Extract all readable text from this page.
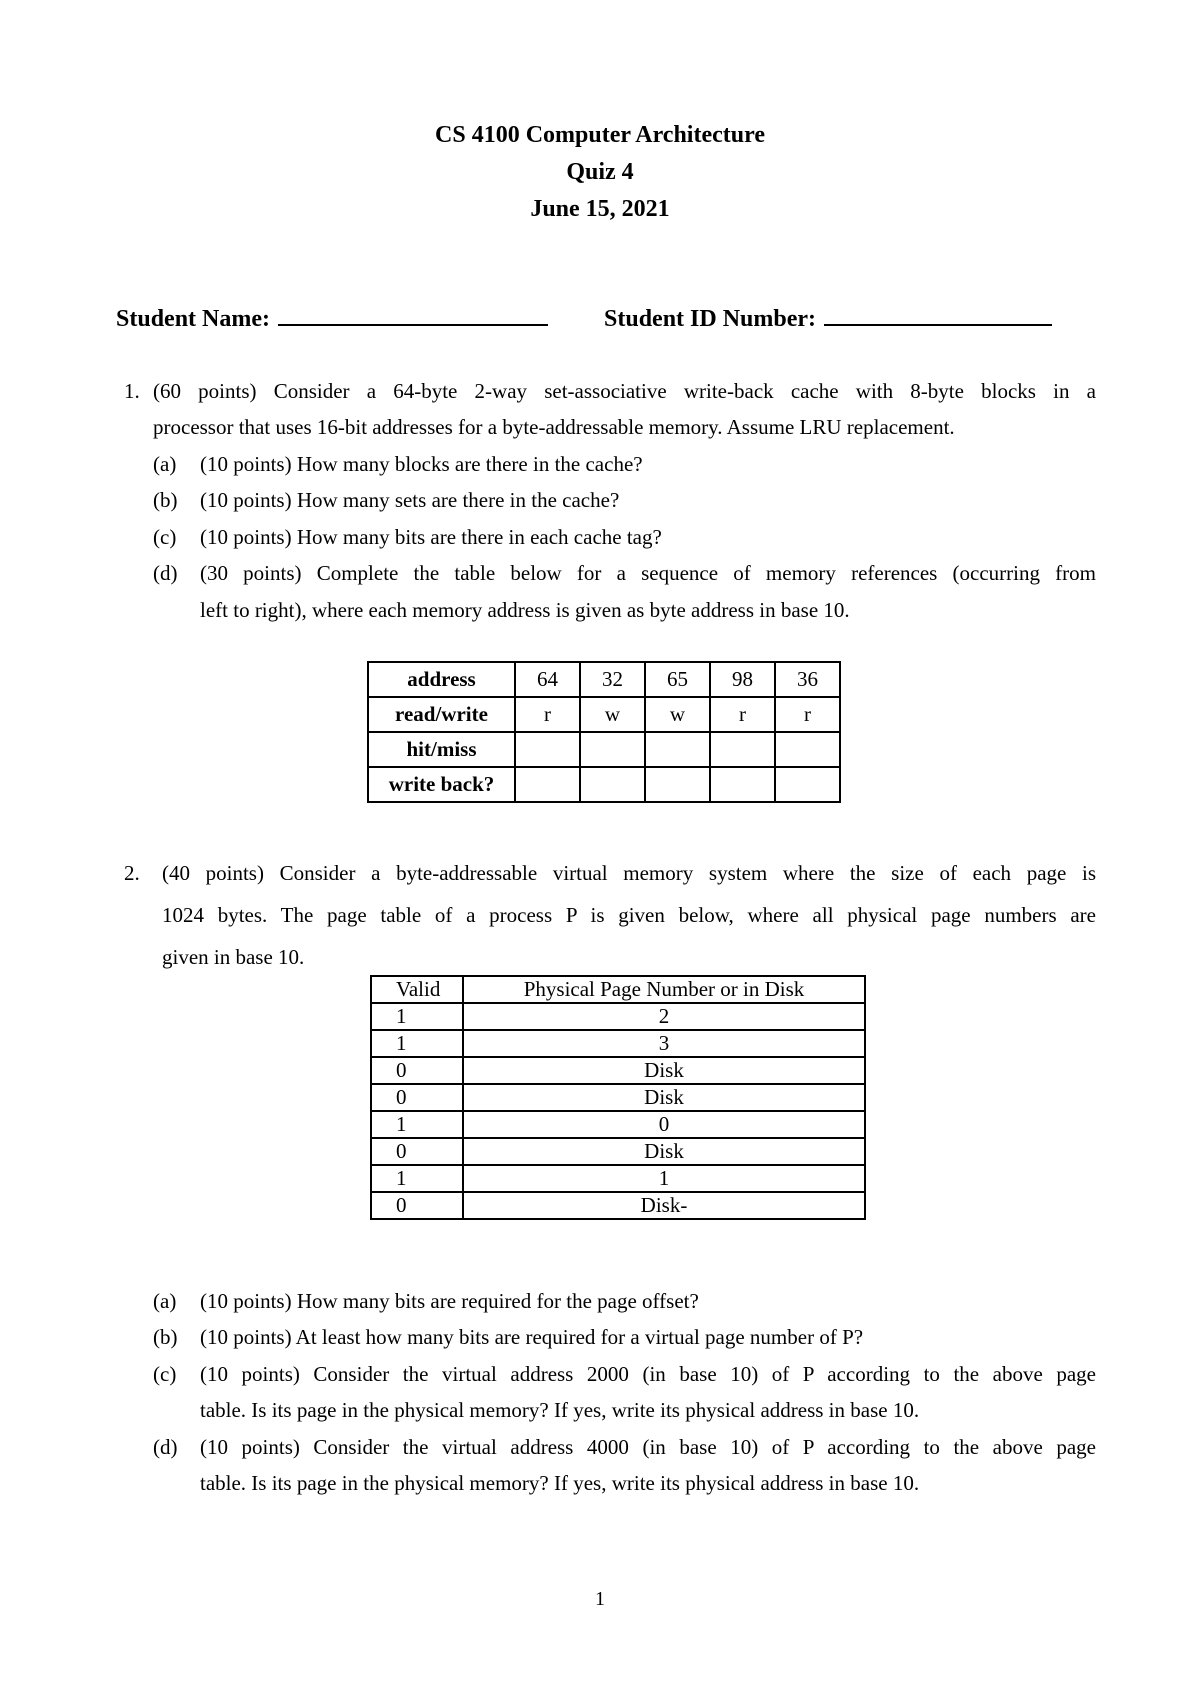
CS 4100 Computer Architecture
Quiz 4
June 15, 2021
Student Name:	Student ID Number:
1. (60 points) Consider a 64-byte 2-way set-associative write-back cache with 8-byte blocks in a
processor that uses 16-bit addresses for a byte-addressable memory. Assume LRU replacement.
(a) (10 points) How many blocks are there in the cache?
(b) (10 points) How many sets are there in the cache?
(c) (10 points) How many bits are there in each cache tag?
(d) (30 points) Complete the table below for a sequence of memory references (occurring from
left to right), where each memory address is given as byte address in base 10.
address	64	32	65	98	36
read/write	r	w	w	r	r
hit/miss					
write back?					
2. (40 points) Consider a byte-addressable virtual memory system where the size of each page is
1024 bytes. The page table of a process P is given below, where all physical page numbers are
given in base 10.
Valid	Physical Page Number or in Disk
1	2
1	3
0	Disk
0	Disk
1	0
0	Disk
1	1
0	Disk-
(a) (10 points) How many bits are required for the page offset?
(b) (10 points) At least how many bits are required for a virtual page number of P?
(c) (10 points) Consider the virtual address 2000 (in base 10) of P according to the above page
table. Is its page in the physical memory? If yes, write its physical address in base 10.
(d) (10 points) Consider the virtual address 4000 (in base 10) of P according to the above page
table. Is its page in the physical memory? If yes, write its physical address in base 10.
1
